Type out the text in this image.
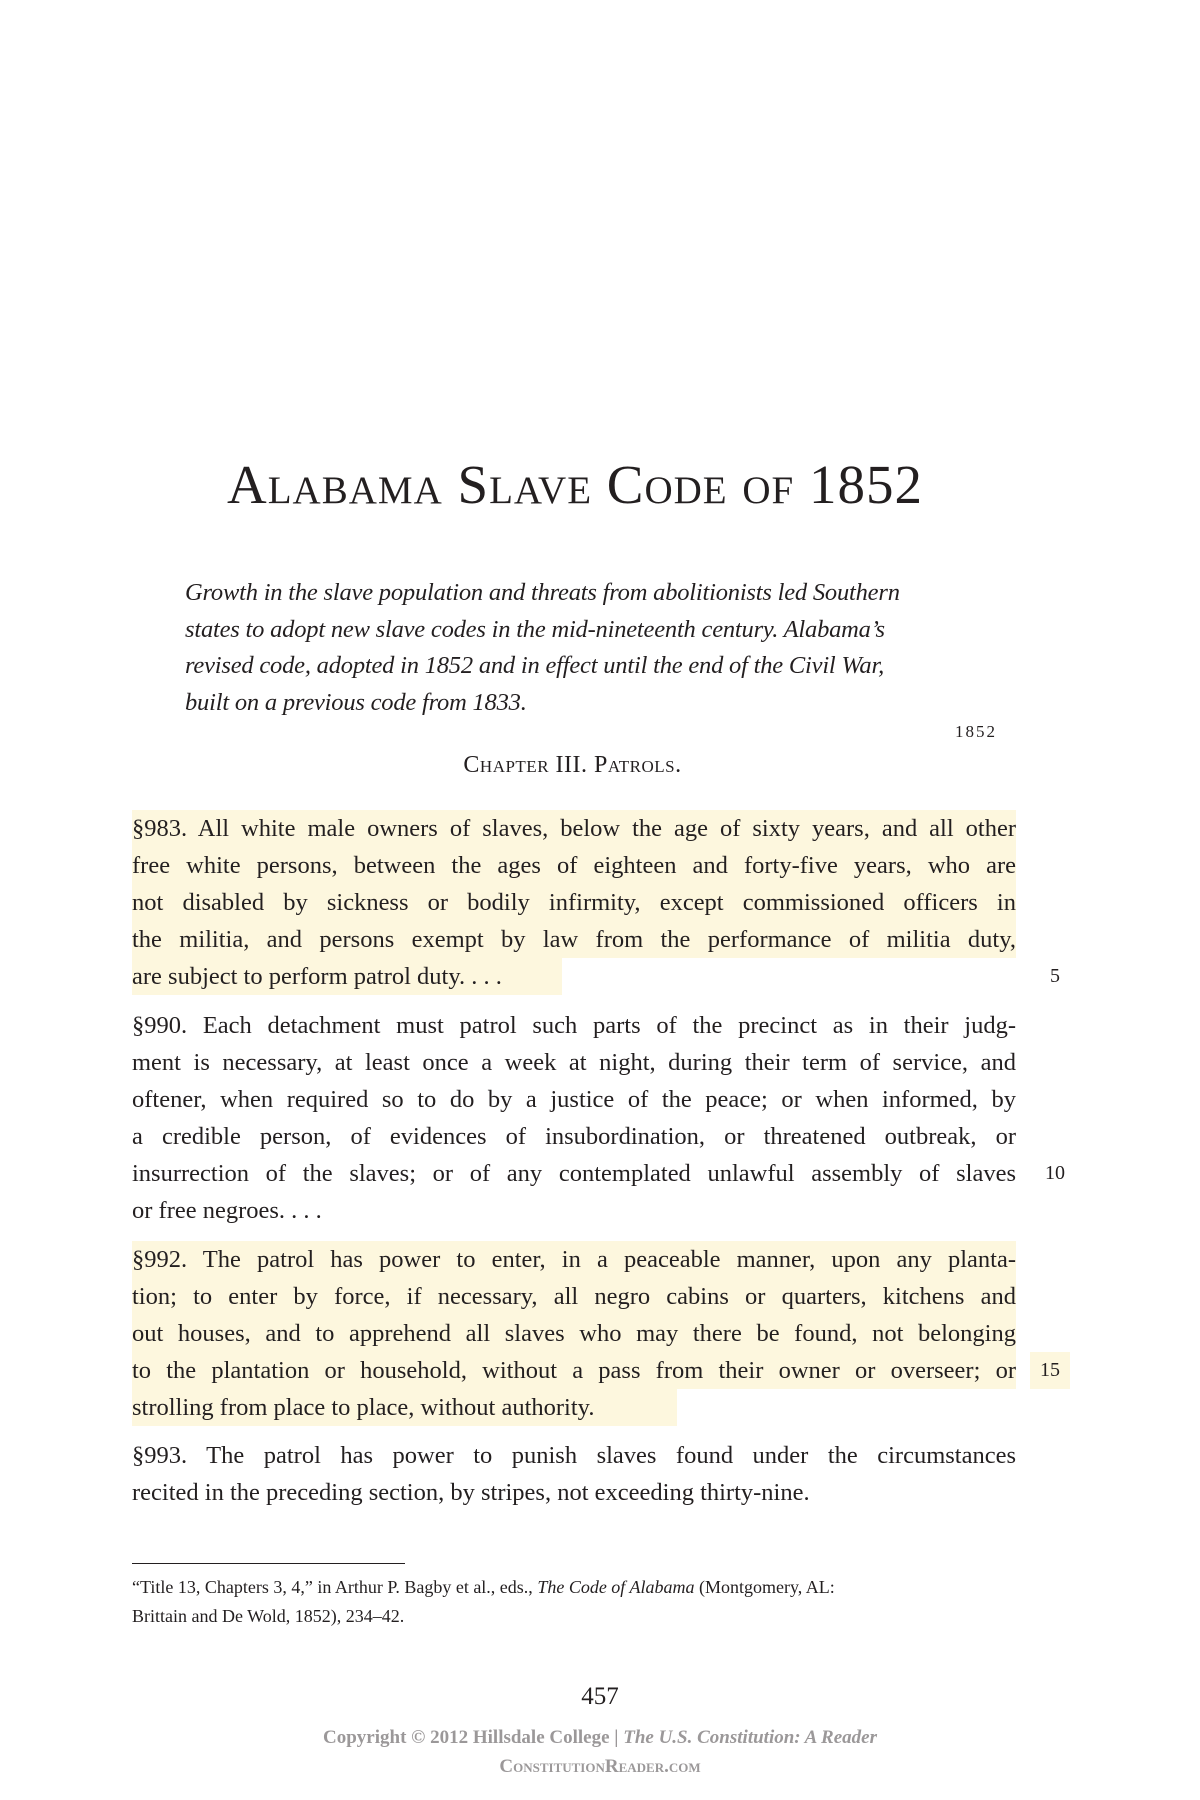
Alabama Slave Code of 1852
Growth in the slave population and threats from abolitionists led Southern
states to adopt new slave codes in the mid-nineteenth century. Alabama’s
revised code, adopted in 1852 and in effect until the end of the Civil War,
built on a previous code from 1833.
1852
Chapter III. Patrols.
§983. All white male owners of slaves, below the age of sixty years, and all other
free white persons, between the ages of eighteen and forty-five years, who are
not disabled by sickness or bodily infirmity, except commissioned officers in
the militia, and persons exempt by law from the performance of militia duty,
are subject to perform patrol duty. . . .	5
§990. Each detachment must patrol such parts of the precinct as in their judg-
ment is necessary, at least once a week at night, during their term of service, and
oftener, when required so to do by a justice of the peace; or when informed, by
a credible person, of evidences of insubordination, or threatened outbreak, or
insurrection of the slaves; or of any contemplated unlawful assembly of slaves
or free negroes. . . .
10
§992. The patrol has power to enter, in a peaceable manner, upon any planta-
tion; to enter by force, if necessary, all negro cabins or quarters, kitchens and
out houses, and to apprehend all slaves who may there be found, not belonging
to the plantation or household, without a pass from their owner or overseer; or
strolling from place to place, without authority.
15
§993. The patrol has power to punish slaves found under the circumstances
recited in the preceding section, by stripes, not exceeding thirty-nine.
“Title 13, Chapters 3, 4,” in Arthur P. Bagby et al., eds., The Code of Alabama (Montgomery, AL:
Brittain and De Wold, 1852), 234–42.
457
Copyright © 2012 Hillsdale College | The U.S. Constitution: A Reader
ConstitutionReader.com
